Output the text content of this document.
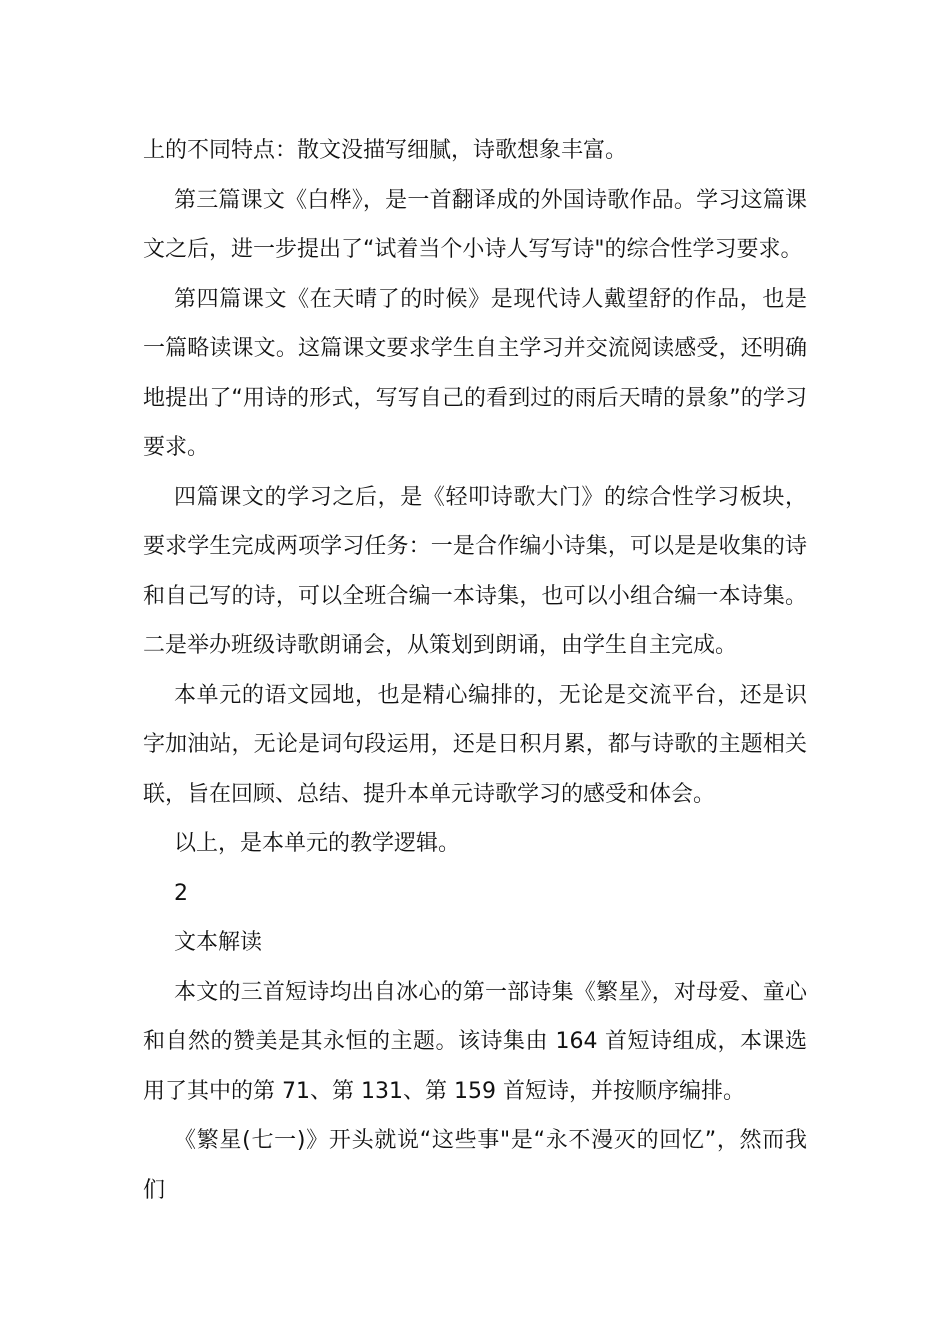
上的不同特点：散文没描写细腻，诗歌想象丰富。

第三篇课文《白桦》，是一首翻译成的外国诗歌作品。学习这篇课文之后，进一步提出了“试着当个小诗人写写诗"的综合性学习要求。

第四篇课文《在天晴了的时候》是现代诗人戴望舒的作品，也是一篇略读课文。这篇课文要求学生自主学习并交流阅读感受，还明确地提出了“用诗的形式，写写自己的看到过的雨后天晴的景象”的学习要求。

四篇课文的学习之后，是《轻叩诗歌大门》的综合性学习板块，要求学生完成两项学习任务：一是合作编小诗集，可以是是收集的诗和自己写的诗，可以全班合编一本诗集，也可以小组合编一本诗集。二是举办班级诗歌朗诵会，从策划到朗诵，由学生自主完成。

本单元的语文园地，也是精心编排的，无论是交流平台，还是识字加油站，无论是词句段运用，还是日积月累，都与诗歌的主题相关联，旨在回顾、总结、提升本单元诗歌学习的感受和体会。

以上，是本单元的教学逻辑。

2

文本解读

本文的三首短诗均出自冰心的第一部诗集《繁星》，对母爱、童心和自然的赞美是其永恒的主题。该诗集由 164 首短诗组成，本课选用了其中的第 71、第 131、第 159 首短诗，并按顺序编排。

《繁星(七一)》开头就说“这些事"是“永不漫灭的回忆”，然而我们
